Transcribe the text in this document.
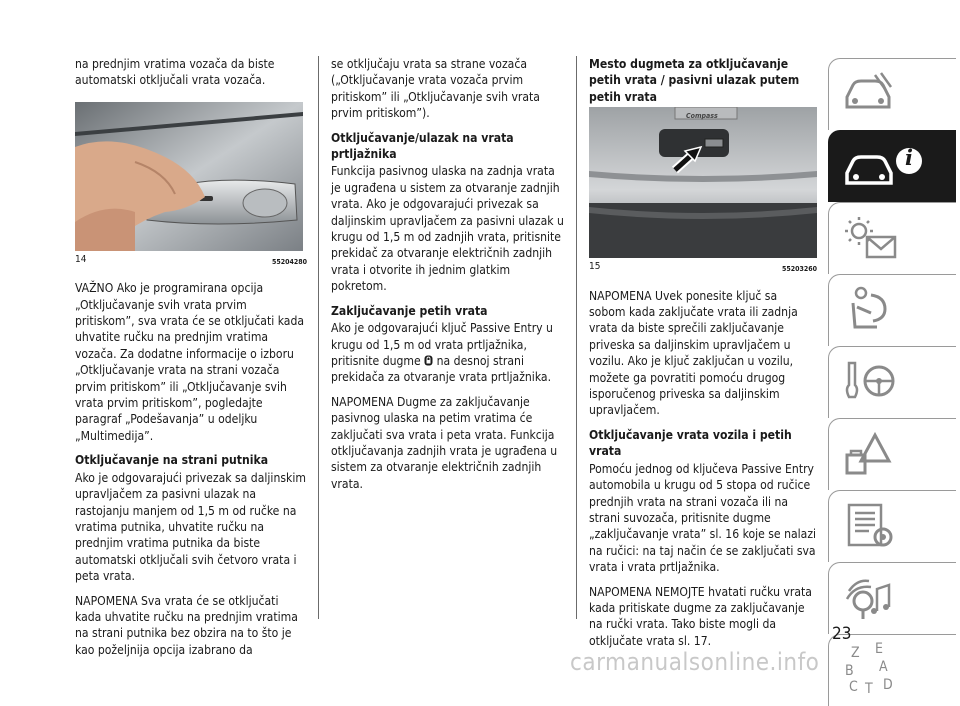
na prednjim vratima vozača da biste automatski otključali vrata vozača.

14	55204280

VAŽNO Ako je programirana opcija „Otključavanje svih vrata prvim pritiskom”, sva vrata će se otključati kada uhvatite ručku na prednjim vratima vozača. Za dodatne informacije o izboru „Otključavanje vrata na strani vozača prvim pritiskom” ili „Otključavanje svih vrata prvim pritiskom”, pogledajte paragraf „Podešavanja” u odeljku „Multimedija”.

Otključavanje na strani putnika

Ako je odgovarajući privezak sa daljinskim upravljačem za pasivni ulazak na rastojanju manjem od 1,5 m od ručke na vratima putnika, uhvatite ručku na prednjim vratima putnika da biste automatski otključali svih četvoro vrata i peta vrata.

NAPOMENA Sva vrata će se otključati kada uhvatite ručku na prednjim vratima na strani putnika bez obzira na to što je kao poželjnija opcija izabrano da

se otključaju vrata sa strane vozača („Otključavanje vrata vozača prvim pritiskom” ili „Otključavanje svih vrata prvim pritiskom”).

Otključavanje/ulazak na vrata prtljažnika

Funkcija pasivnog ulaska na zadnja vrata je ugrađena u sistem za otvaranje zadnjih vrata. Ako je odgovarajući privezak sa daljinskim upravljačem za pasivni ulazak u krugu od 1,5 m od zadnjih vrata, pritisnite prekidač za otvaranje električnih zadnjih vrata i otvorite ih jednim glatkim pokretom.

Zaključavanje petih vrata

Ako je odgovarajući ključ Passive Entry u krugu od 1,5 m od vrata prtljažnika, pritisnite dugme na desnoj strani prekidača za otvaranje vrata prtljažnika.

NAPOMENA Dugme za zaključavanje pasivnog ulaska na petim vratima će zaključati sva vrata i peta vrata. Funkcija otključavanja zadnjih vrata je ugrađena u sistem za otvaranje električnih zadnjih vrata.

Mesto dugmeta za otključavanje petih vrata / pasivni ulazak putem petih vrata
Compass
15	55203260

NAPOMENA Uvek ponesite ključ sa sobom kada zaključate vrata ili zadnja vrata da biste sprečili zaključavanje priveska sa daljinskim upravljačem u vozilu. Ako je ključ zaključan u vozilu, možete ga povratiti pomoću drugog isporučenog priveska sa daljinskim upravljačem.

Otključavanje vrata vozila i petih vrata

Pomoću jednog od ključeva Passive Entry automobila u krugu od 5 stopa od ručice prednjih vrata na strani vozača ili na strani suvozača, pritisnite dugme „zaključavanje vrata” sl. 16 koje se nalazi na ručici: na taj način će se zaključati sva vrata i vrata prtljažnika.

NAPOMENA NEMOJTE hvatati ručku vrata kada pritiskate dugme za zaključavanje na ručki vrata. Tako biste mogli da otključate vrata sl. 17.

i
Z E
B A
C T D
23
carmanualsonline.info
